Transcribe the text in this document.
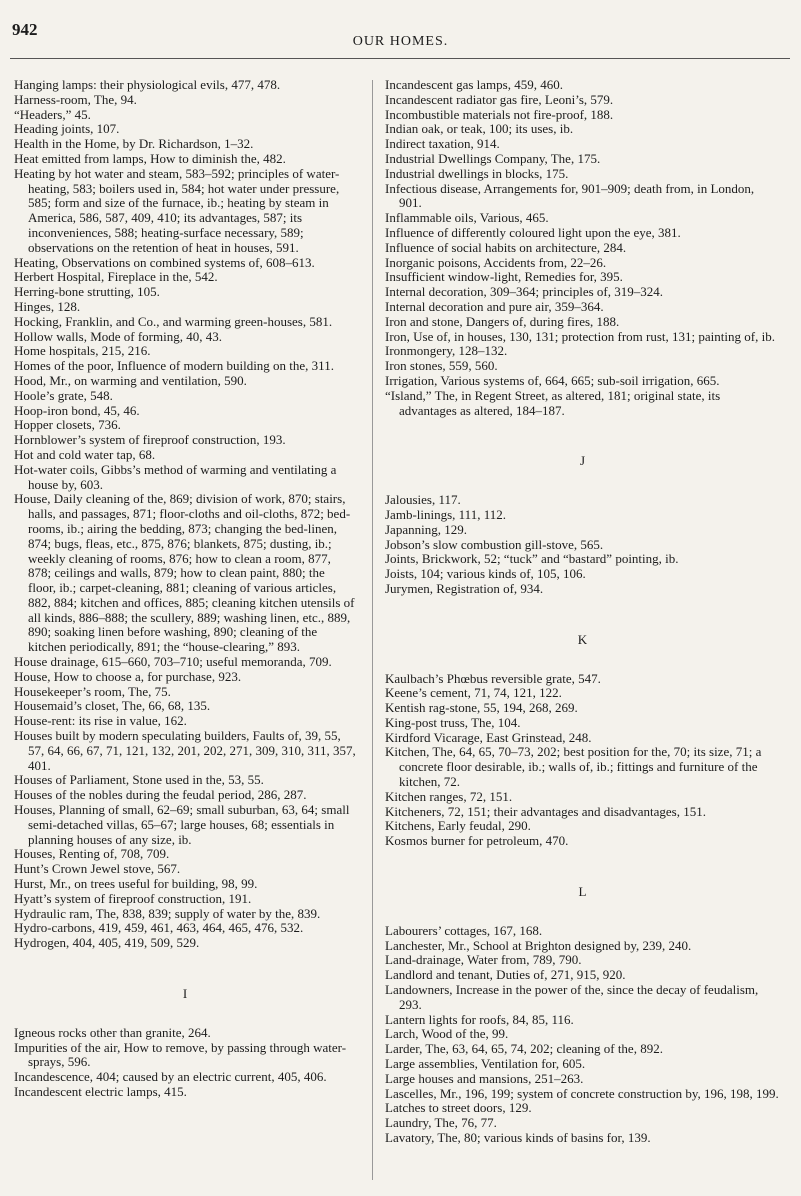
942
OUR HOMES.

Hanging lamps: their physiological evils, 477, 478.

Harness-room, The, 94.

“Headers,” 45.

Heading joints, 107.

Health in the Home, by Dr. Richardson, 1–32.

Heat emitted from lamps, How to diminish the, 482.

Heating by hot water and steam, 583–592; principles of water-heating, 583; boilers used in, 584; hot water under pressure, 585; form and size of the furnace, ib.; heating by steam in America, 586, 587, 409, 410; its advantages, 587; its inconveniences, 588; heating-surface necessary, 589; observations on the retention of heat in houses, 591.

Heating, Observations on combined systems of, 608–613.

Herbert Hospital, Fireplace in the, 542.

Herring-bone strutting, 105.

Hinges, 128.

Hocking, Franklin, and Co., and warming green-houses, 581.

Hollow walls, Mode of forming, 40, 43.

Home hospitals, 215, 216.

Homes of the poor, Influence of modern building on the, 311.

Hood, Mr., on warming and ventilation, 590.

Hoole’s grate, 548.

Hoop-iron bond, 45, 46.

Hopper closets, 736.

Hornblower’s system of fireproof construction, 193.

Hot and cold water tap, 68.

Hot-water coils, Gibbs’s method of warming and ventilating a house by, 603.

House, Daily cleaning of the, 869; division of work, 870; stairs, halls, and passages, 871; floor-cloths and oil-cloths, 872; bed-rooms, ib.; airing the bedding, 873; changing the bed-linen, 874; bugs, fleas, etc., 875, 876; blankets, 875; dusting, ib.; weekly cleaning of rooms, 876; how to clean a room, 877, 878; ceilings and walls, 879; how to clean paint, 880; the floor, ib.; carpet-cleaning, 881; cleaning of various articles, 882, 884; kitchen and offices, 885; cleaning kitchen utensils of all kinds, 886–888; the scullery, 889; washing linen, etc., 889, 890; soaking linen before washing, 890; cleaning of the kitchen periodically, 891; the “house-clearing,” 893.

House drainage, 615–660, 703–710; useful memoranda, 709.

House, How to choose a, for purchase, 923.

Housekeeper’s room, The, 75.

Housemaid’s closet, The, 66, 68, 135.

House-rent: its rise in value, 162.

Houses built by modern speculating builders, Faults of, 39, 55, 57, 64, 66, 67, 71, 121, 132, 201, 202, 271, 309, 310, 311, 357, 401.

Houses of Parliament, Stone used in the, 53, 55.

Houses of the nobles during the feudal period, 286, 287.

Houses, Planning of small, 62–69; small suburban, 63, 64; small semi-detached villas, 65–67; large houses, 68; essentials in planning houses of any size, ib.

Houses, Renting of, 708, 709.

Hunt’s Crown Jewel stove, 567.

Hurst, Mr., on trees useful for building, 98, 99.

Hyatt’s system of fireproof construction, 191.

Hydraulic ram, The, 838, 839; supply of water by the, 839.

Hydro-carbons, 419, 459, 461, 463, 464, 465, 476, 532.

Hydrogen, 404, 405, 419, 509, 529.

I

Igneous rocks other than granite, 264.

Impurities of the air, How to remove, by passing through water-sprays, 596.

Incandescence, 404; caused by an electric current, 405, 406.

Incandescent electric lamps, 415.

Incandescent gas lamps, 459, 460.

Incandescent radiator gas fire, Leoni’s, 579.

Incombustible materials not fire-proof, 188.

Indian oak, or teak, 100; its uses, ib.

Indirect taxation, 914.

Industrial Dwellings Company, The, 175.

Industrial dwellings in blocks, 175.

Infectious disease, Arrangements for, 901–909; death from, in London, 901.

Inflammable oils, Various, 465.

Influence of differently coloured light upon the eye, 381.

Influence of social habits on architecture, 284.

Inorganic poisons, Accidents from, 22–26.

Insufficient window-light, Remedies for, 395.

Internal decoration, 309–364; principles of, 319–324.

Internal decoration and pure air, 359–364.

Iron and stone, Dangers of, during fires, 188.

Iron, Use of, in houses, 130, 131; protection from rust, 131; painting of, ib.

Ironmongery, 128–132.

Iron stones, 559, 560.

Irrigation, Various systems of, 664, 665; sub-soil irrigation, 665.

“Island,” The, in Regent Street, as altered, 181; original state, its advantages as altered, 184–187.

J

Jalousies, 117.

Jamb-linings, 111, 112.

Japanning, 129.

Jobson’s slow combustion gill-stove, 565.

Joints, Brickwork, 52; “tuck” and “bastard” pointing, ib.

Joists, 104; various kinds of, 105, 106.

Jurymen, Registration of, 934.

K

Kaulbach’s Phœbus reversible grate, 547.

Keene’s cement, 71, 74, 121, 122.

Kentish rag-stone, 55, 194, 268, 269.

King-post truss, The, 104.

Kirdford Vicarage, East Grinstead, 248.

Kitchen, The, 64, 65, 70–73, 202; best position for the, 70; its size, 71; a concrete floor desirable, ib.; walls of, ib.; fittings and furniture of the kitchen, 72.

Kitchen ranges, 72, 151.

Kitcheners, 72, 151; their advantages and disadvantages, 151.

Kitchens, Early feudal, 290.

Kosmos burner for petroleum, 470.

L

Labourers’ cottages, 167, 168.

Lanchester, Mr., School at Brighton designed by, 239, 240.

Land-drainage, Water from, 789, 790.

Landlord and tenant, Duties of, 271, 915, 920.

Landowners, Increase in the power of the, since the decay of feudalism, 293.

Lantern lights for roofs, 84, 85, 116.

Larch, Wood of the, 99.

Larder, The, 63, 64, 65, 74, 202; cleaning of the, 892.

Large assemblies, Ventilation for, 605.

Large houses and mansions, 251–263.

Lascelles, Mr., 196, 199; system of concrete construction by, 196, 198, 199.

Latches to street doors, 129.

Laundry, The, 76, 77.

Lavatory, The, 80; various kinds of basins for, 139.
